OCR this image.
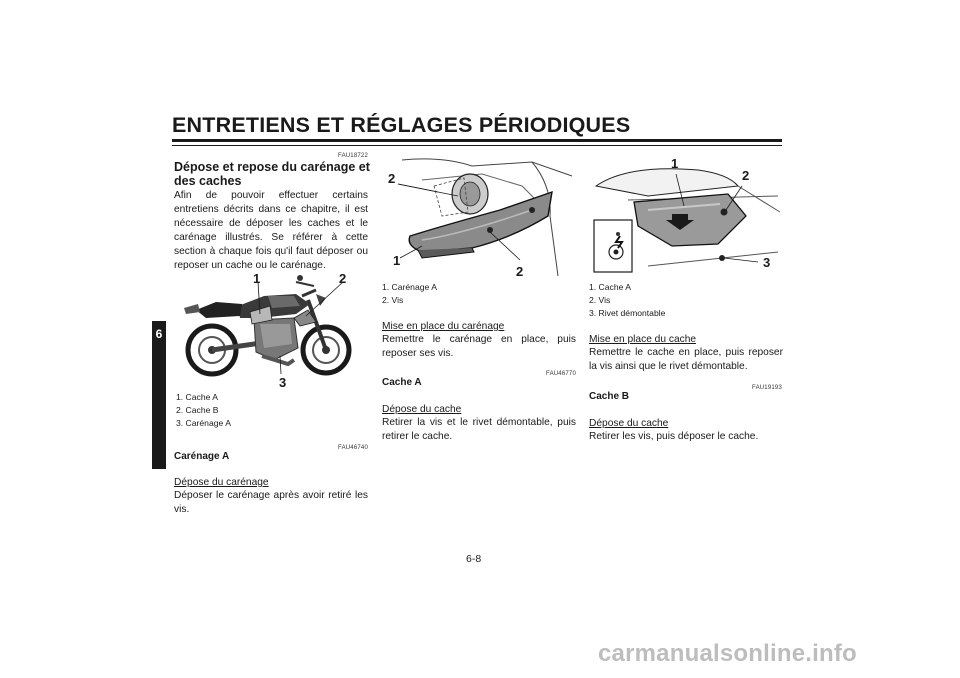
ENTRETIENS ET RÉGLAGES PÉRIODIQUES
6
FAU18722
Dépose et repose du carénage et des caches
Afin de pouvoir effectuer certains entretiens décrits dans ce chapitre, il est nécessaire de déposer les caches et le carénage illustrés. Se référer à cette section à chaque fois qu'il faut déposer ou reposer un cache ou le carénage.
1	2
3
1. Cache A
2. Cache B
3. Carénage A
FAU46740
Carénage A
Dépose du carénage
Déposer le carénage après avoir retiré les vis.
2
1
2
1. Carénage A
2. Vis
Mise en place du carénage
Remettre le carénage en place, puis reposer ses vis.
FAU46770
Cache A
Dépose du cache
Retirer la vis et le rivet démontable, puis retirer le cache.
1
2
3
1. Cache A
2. Vis
3. Rivet démontable
Mise en place du cache
Remettre le cache en place, puis reposer la vis ainsi que le rivet démontable.
FAU19193
Cache B
Dépose du cache
Retirer les vis, puis déposer le cache.
6-8
carmanualsonline.info
